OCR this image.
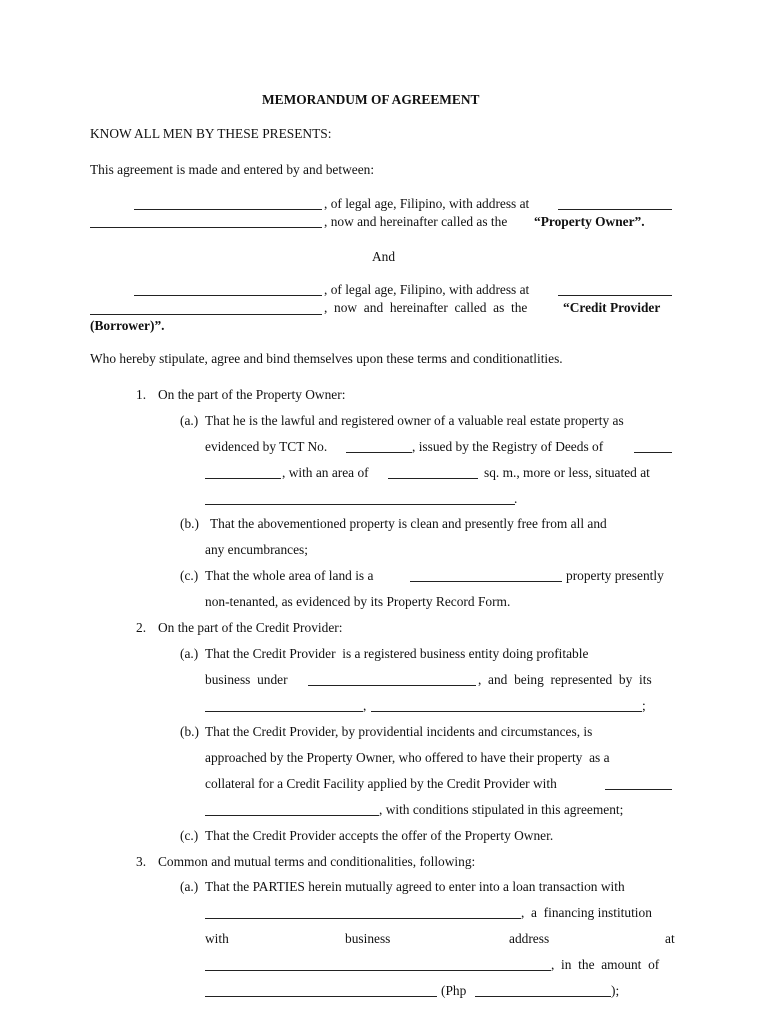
MEMORANDUM OF AGREEMENT
KNOW ALL MEN BY THESE PRESENTS:
This agreement is made and entered by and between:
, of legal age, Filipino, with address at
, now and hereinafter called as the “Property Owner”.
And
, of legal age, Filipino, with address at
,  now  and  hereinafter  called  as  the	“Credit Provider
(Borrower)”.
Who hereby stipulate, agree and bind themselves upon these terms and conditionatlities.
1. On the part of the Property Owner:
(a.) That he is the lawful and registered owner of a valuable real estate property as
evidenced by TCT No.	, issued by the Registry of Deeds of
, with an area of	sq. m., more or less, situated at
.
(b.) That the abovementioned property is clean and presently free from all and
any encumbrances;
(c.) That the whole area of land is a	property presently
non-tenanted, as evidenced by its Property Record Form.
2. On the part of the Credit Provider:
(a.) That the Credit Provider  is a registered business entity doing profitable
business  under	,  and  being  represented  by  its
,	;
(b.) That the Credit Provider, by providential incidents and circumstances, is
approached by the Property Owner, who offered to have their property  as a
collateral for a Credit Facility applied by the Credit Provider with
, with conditions stipulated in this agreement;
(c.) That the Credit Provider accepts the offer of the Property Owner.
3. Common and mutual terms and conditionalities, following:
(a.) That the PARTIES herein mutually agreed to enter into a loan transaction with
,  a  financing institution
with	business	address	at
,  in  the  amount  of
(Php	);
